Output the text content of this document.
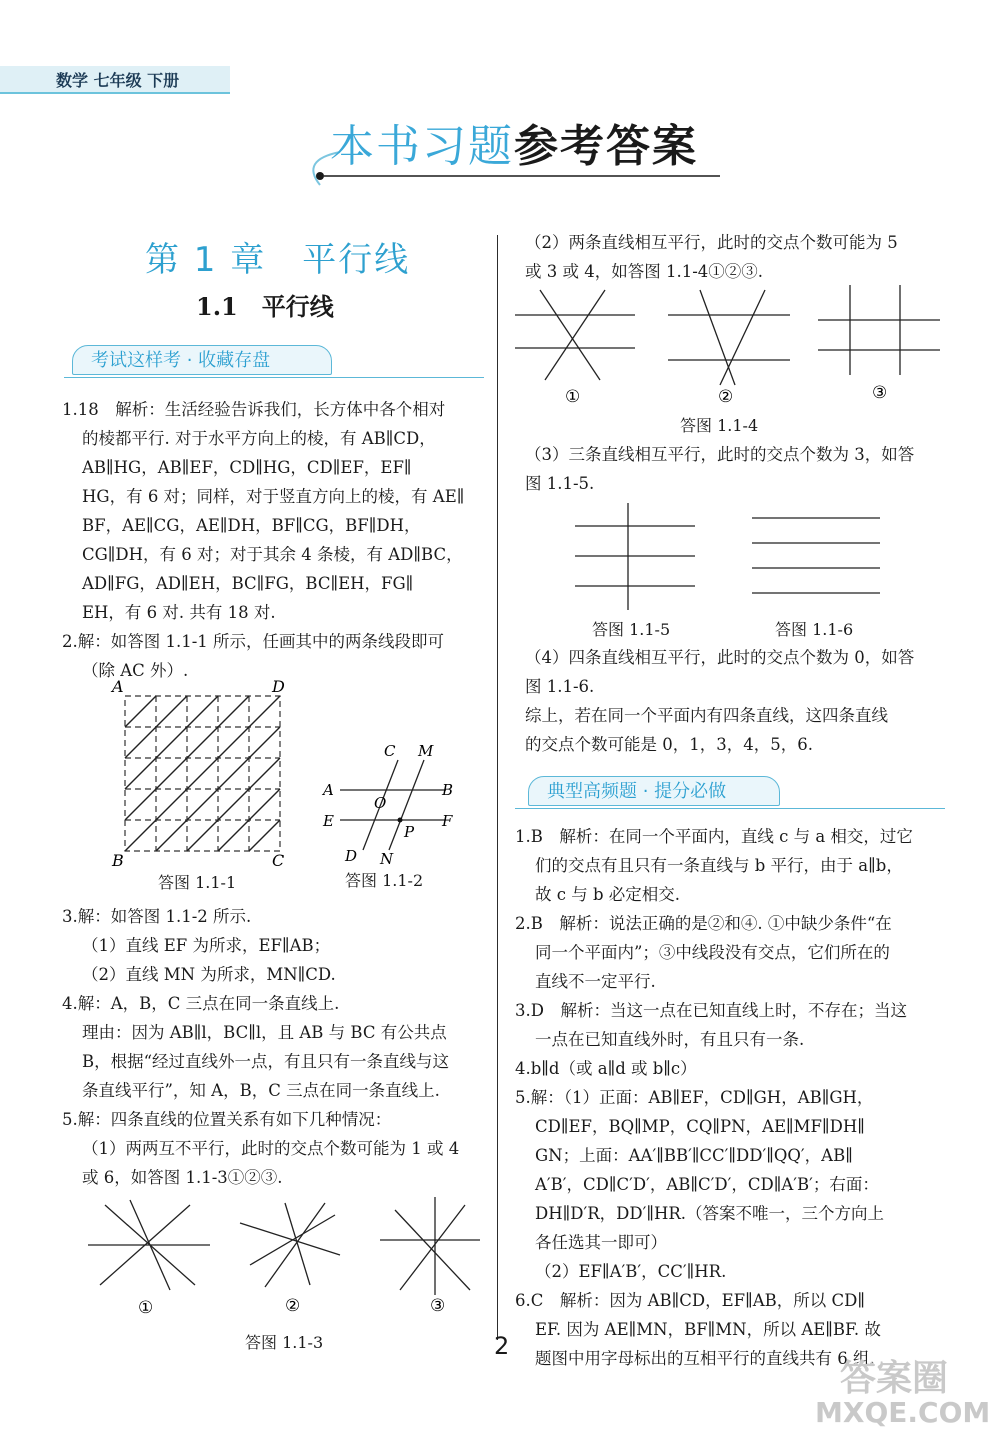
数学 七年级 下册
本书习题参考答案
第 1 章　平行线
1.1　平行线
考试这样考 · 收藏存盘

1.18　解析：生活经验告诉我们，长方体中各个相对

的棱都平行. 对于水平方向上的棱，有 AB∥CD，

AB∥HG，AB∥EF，CD∥HG，CD∥EF，EF∥

HG，有 6 对；同样，对于竖直方向上的棱，有 AE∥

BF，AE∥CG，AE∥DH，BF∥CG，BF∥DH，

CG∥DH，有 6 对；对于其余 4 条棱，有 AD∥BC，

AD∥FG，AD∥EH，BC∥FG，BC∥EH，FG∥

EH，有 6 对. 共有 18 对.

2.解：如答图 1.1-1 所示，任画其中的两条线段即可

（除 AC 外）.

A	D
B	C
C M
A	B
O
E	F
P
D N
答图 1.1-1	答图 1.1-2

3.解：如答图 1.1-2 所示.

（1）直线 EF 为所求，EF∥AB；

（2）直线 MN 为所求，MN∥CD.

4.解：A，B，C 三点在同一条直线上.

理由：因为 AB∥l，BC∥l，且 AB 与 BC 有公共点

B，根据“经过直线外一点，有且只有一条直线与这

条直线平行”，知 A，B，C 三点在同一条直线上.

5.解：四条直线的位置关系有如下几种情况：

（1）两两互不平行，此时的交点个数可能为 1 或 4

或 6，如答图 1.1-3①②③.

①	②	③
答图 1.1-3

（2）两条直线相互平行，此时的交点个数可能为 5

或 3 或 4，如答图 1.1-4①②③.

①	②	③
答图 1.1-4

（3）三条直线相互平行，此时的交点个数为 3，如答

图 1.1-5.

答图 1.1-5	答图 1.1-6

（4）四条直线相互平行，此时的交点个数为 0，如答

图 1.1-6.

综上，若在同一个平面内有四条直线，这四条直线

的交点个数可能是 0，1，3，4，5，6.

典型高频题 · 提分必做

1.B　解析：在同一个平面内，直线 c 与 a 相交，过它

们的交点有且只有一条直线与 b 平行，由于 a∥b，

故 c 与 b 必定相交.

2.B　解析：说法正确的是②和④. ①中缺少条件“在

同一个平面内”；③中线段没有交点，它们所在的

直线不一定平行.

3.D　解析：当这一点在已知直线上时，不存在；当这

一点在已知直线外时，有且只有一条.

4.b∥d（或 a∥d 或 b∥c）

5.解：（1）正面：AB∥EF，CD∥GH，AB∥GH，

CD∥EF，BQ∥MP，CQ∥PN，AE∥MF∥DH∥

GN；上面：AA′∥BB′∥CC′∥DD′∥QQ′，AB∥

A′B′，CD∥C′D′，AB∥C′D′，CD∥A′B′；右面：

DH∥D′R，DD′∥HR.（答案不唯一，三个方向上

各任选其一即可）

（2）EF∥A′B′，CC′∥HR.

6.C　解析：因为 AB∥CD，EF∥AB，所以 CD∥

EF. 因为 AE∥MN，BF∥MN，所以 AE∥BF. 故

题图中用字母标出的互相平行的直线共有 6 组.

2
答案圈
MXQE.COM
